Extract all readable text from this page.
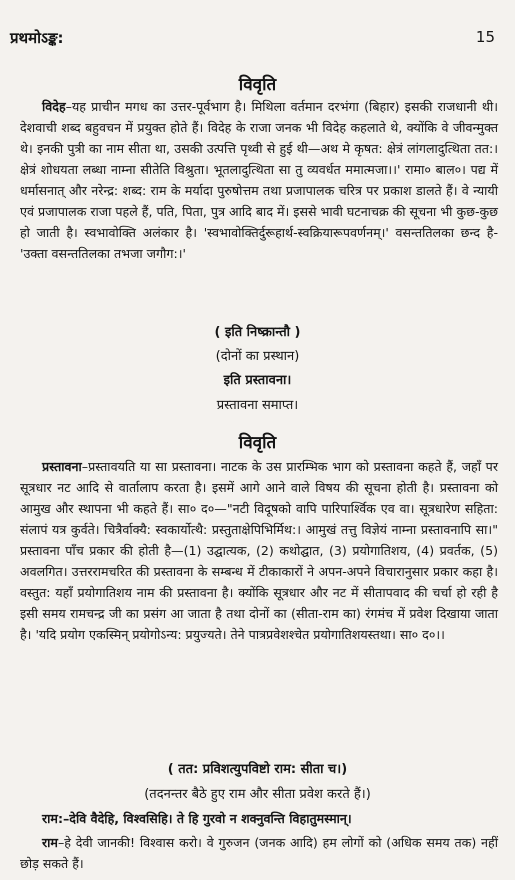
प्रथमोऽङ्क:	15
विवृति
विदेह–यह प्राचीन मगध का उत्तर-पूर्वभाग है। मिथिला वर्तमान दरभंगा (बिहार) इसकी राजधानी थी। देशवाची शब्द बहुवचन में प्रयुक्त होते हैं। विदेह के राजा जनक भी विदेह कहलाते थे, क्योंकि वे जीवन्मुक्त थे। इनकी पुत्री का नाम सीता था, उसकी उत्पत्ति पृथ्वी से हुई थी—अथ मे कृषत: क्षेत्रं लांगलादुत्थिता तत:। क्षेत्रं शोधयता लब्धा नाम्ना सीतेति विश्रुता। भूतलादुत्थिता सा तु व्यवर्धत ममात्मजा।।' रामा० बाल०। पद्य में धर्मासनात् और नरेन्द्र: शब्द: राम के मर्यादा पुरुषोत्तम तथा प्रजापालक चरित्र पर प्रकाश डालते हैं। वे न्यायी एवं प्रजापालक राजा पहले हैं, पति, पिता, पुत्र आदि बाद में। इससे भावी घटनाचक्र की सूचना भी कुछ-कुछ हो जाती है। स्वभावोक्ति अलंकार है। 'स्वभावोक्तिर्दुरूहार्थ-स्वक्रियारूपवर्णनम्।' वसन्ततिलका छन्द है-'उक्ता वसन्ततिलका तभजा जगौग:।'
( इति निष्क्रान्तौ )
(दोनों का प्रस्थान)
इति प्रस्तावना।
प्रस्तावना समाप्त।
विवृति
प्रस्तावना–प्रस्तावयति या सा प्रस्तावना। नाटक के उस प्रारम्भिक भाग को प्रस्तावना कहते हैं, जहाँ पर सूत्रधार नट आदि से वार्तालाप करता है। इसमें आगे आने वाले विषय की सूचना होती है। प्रस्तावना को आमुख और स्थापना भी कहते हैं। सा० द०—"नटी विदूषको वापि पारिपार्श्विक एव वा। सूत्रधारेण सहिता: संलापं यत्र कुर्वते। चित्रैर्वाक्यै: स्वकार्योत्थै: प्रस्तुताक्षेपिभिर्मिथ:। आमुखं तत्तु विज्ञेयं नाम्ना प्रस्तावनापि सा।" प्रस्तावना पाँच प्रकार की होती है—(1) उद्घात्यक, (2) कथोद्घात, (3) प्रयोगातिशय, (4) प्रवर्तक, (5) अवलगित। उत्तररामचरित की प्रस्तावना के सम्बन्ध में टीकाकारों ने अपन-अपने विचारानुसार प्रकार कहा है। वस्तुत: यहाँ प्रयोगातिशय नाम की प्रस्तावना है। क्योंकि सूत्रधार और नट में सीतापवाद की चर्चा हो रही है इसी समय रामचन्द्र जी का प्रसंग आ जाता है तथा दोनों का (सीता-राम का) रंगमंच में प्रवेश दिखाया जाता है। 'यदि प्रयोग एकस्मिन् प्रयोगोऽन्य: प्रयुज्यते। तेने पात्रप्रवेशश्चेत प्रयोगातिशयस्तथा। सा० द०।।
( तत: प्रविशत्युपविष्टो राम: सीता च।)
(तदनन्तर बैठे हुए राम और सीता प्रवेश करते हैं।)
राम:–देवि वैदेहि, विश्वसिहि। ते हि गुरवो न शक्नुवन्ति विहातुमस्मान्।
राम–हे देवी जानकी! विश्वास करो। वे गुरुजन (जनक आदि) हम लोगों को (अधिक समय तक) नहीं छोड़ सकते हैं।
